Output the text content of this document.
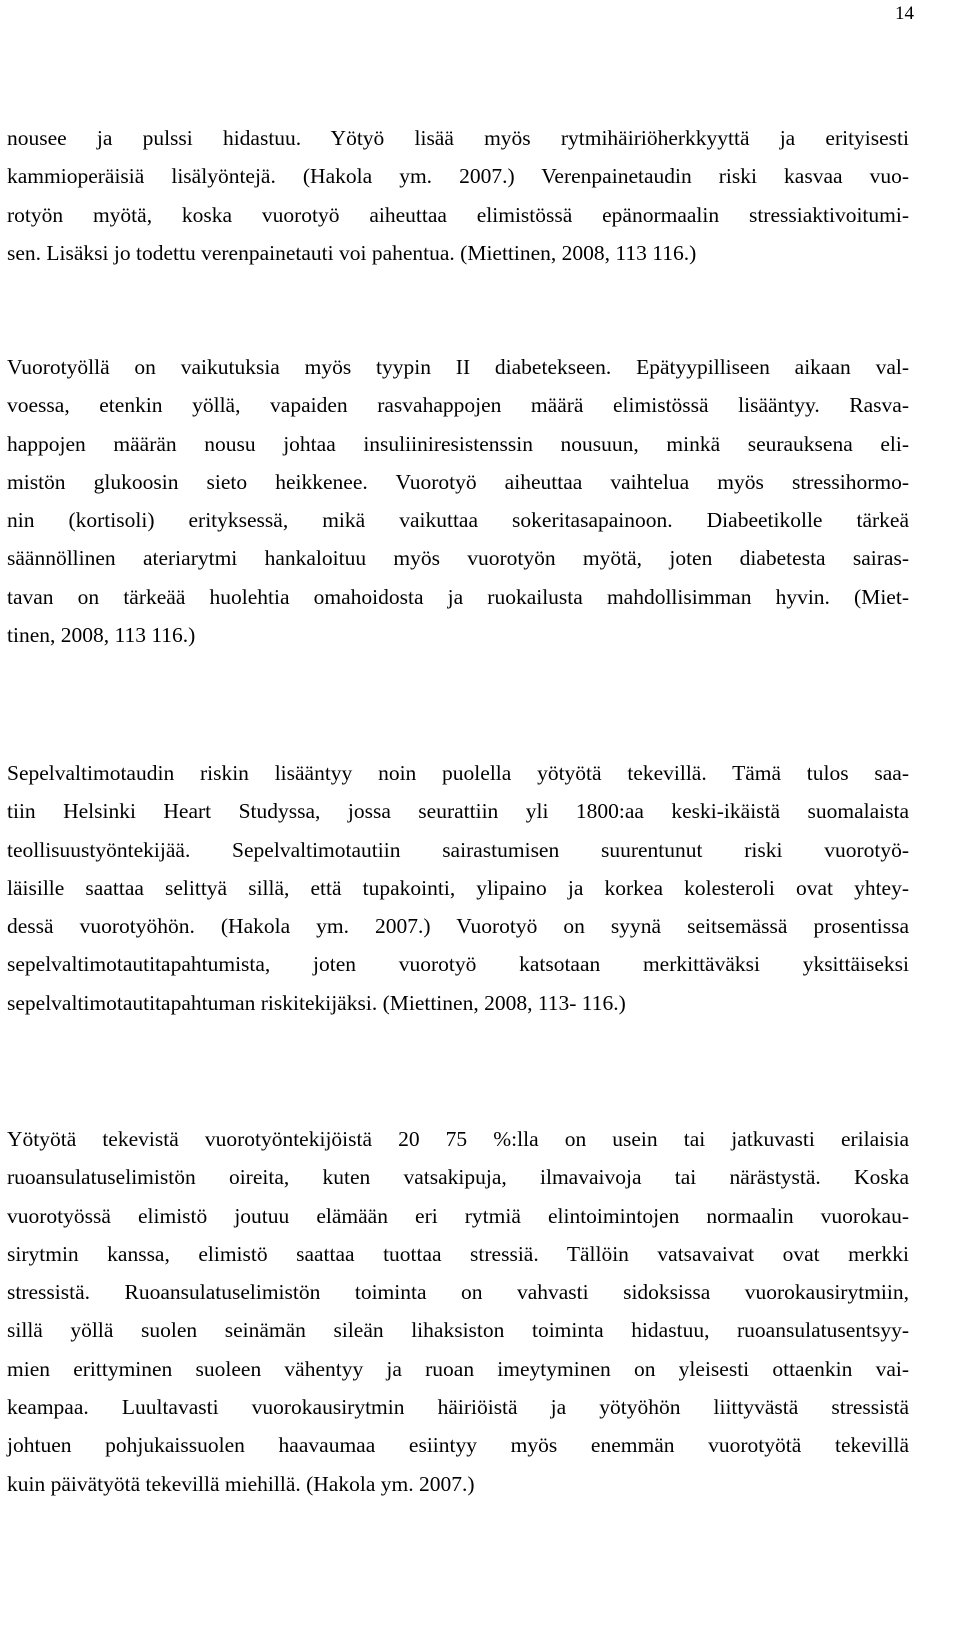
14
nousee ja pulssi hidastuu. Yötyö lisää myös rytmihäiriöherkkyyttä ja erityisesti
kammioperäisiä lisälyöntejä. (Hakola ym. 2007.) Verenpainetaudin riski kasvaa vuo-
rotyön myötä, koska vuorotyö aiheuttaa elimistössä epänormaalin stressiaktivoitumi-
sen. Lisäksi jo todettu verenpainetauti voi pahentua. (Miettinen, 2008, 113 116.)
Vuorotyöllä on vaikutuksia myös tyypin II diabetekseen. Epätyypilliseen aikaan val-
voessa, etenkin yöllä, vapaiden rasvahappojen määrä elimistössä lisääntyy. Rasva-
happojen määrän nousu johtaa insuliiniresistenssin nousuun, minkä seurauksena eli-
mistön glukoosin sieto heikkenee. Vuorotyö aiheuttaa vaihtelua myös stressihormo-
nin (kortisoli) erityksessä, mikä vaikuttaa sokeritasapainoon. Diabeetikolle tärkeä
säännöllinen ateriarytmi hankaloituu myös vuorotyön myötä, joten diabetesta sairas-
tavan on tärkeää huolehtia omahoidosta ja ruokailusta mahdollisimman hyvin. (Miet-
tinen, 2008, 113 116.)
Sepelvaltimotaudin riskin lisääntyy noin puolella yötyötä tekevillä. Tämä tulos saa-
tiin Helsinki Heart Studyssa, jossa seurattiin yli 1800:aa keski-ikäistä suomalaista
teollisuustyöntekijää. Sepelvaltimotautiin sairastumisen suurentunut riski vuorotyö-
läisille saattaa selittyä sillä, että tupakointi, ylipaino ja korkea kolesteroli ovat yhtey-
dessä vuorotyöhön. (Hakola ym. 2007.) Vuorotyö on syynä seitsemässä prosentissa
sepelvaltimotautitapahtumista, joten vuorotyö katsotaan merkittäväksi yksittäiseksi
sepelvaltimotautitapahtuman riskitekijäksi. (Miettinen, 2008, 113- 116.)
Yötyötä tekevistä vuorotyöntekijöistä 20 75 %:lla on usein tai jatkuvasti erilaisia
ruoansulatuselimistön oireita, kuten vatsakipuja, ilmavaivoja tai närästystä. Koska
vuorotyössä elimistö joutuu elämään eri rytmiä elintoimintojen normaalin vuorokau-
sirytmin kanssa, elimistö saattaa tuottaa stressiä. Tällöin vatsavaivat ovat merkki
stressistä. Ruoansulatuselimistön toiminta on vahvasti sidoksissa vuorokausirytmiin,
sillä yöllä suolen seinämän sileän lihaksiston toiminta hidastuu, ruoansulatusentsyy-
mien erittyminen suoleen vähentyy ja ruoan imeytyminen on yleisesti ottaenkin vai-
keampaa. Luultavasti vuorokausirytmin häiriöistä ja yötyöhön liittyvästä stressistä
johtuen pohjukaissuolen haavaumaa esiintyy myös enemmän vuorotyötä tekevillä
kuin päivätyötä tekevillä miehillä. (Hakola ym. 2007.)
